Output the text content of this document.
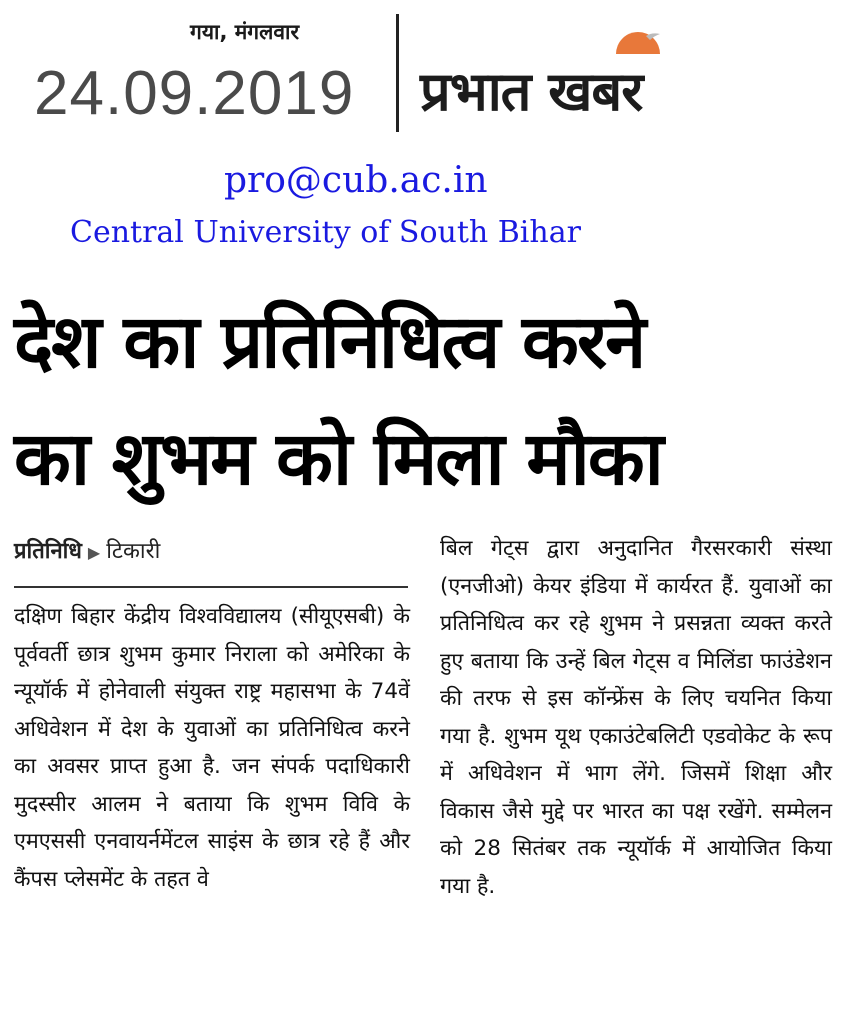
गया, मंगलवार
24.09.2019	प्रभात खबर
pro@cub.ac.in
Central University of South Bihar
देश का प्रतिनिधित्व करने
का शुभम को मिला मौका
प्रतिनिधि ▶ टिकारी
दक्षिण बिहार केंद्रीय विश्वविद्यालय (सीयूएसबी) के पूर्ववर्ती छात्र शुभम कुमार निराला को अमेरिका के न्यूयॉर्क में होनेवाली संयुक्त राष्ट्र महासभा के 74वें अधिवेशन में देश के युवाओं का प्रतिनिधित्व करने का अवसर प्राप्त हुआ है. जन संपर्क पदाधिकारी मुदस्सीर आलम ने बताया कि शुभम विवि के एमएससी एनवायर्नमेंटल साइंस के छात्र रहे हैं और कैंपस प्लेसमेंट के तहत वे
बिल गेट्स द्वारा अनुदानित गैरसरकारी संस्था (एनजीओ) केयर इंडिया में कार्यरत हैं. युवाओं का प्रतिनिधित्व कर रहे शुभम ने प्रसन्नता व्यक्त करते हुए बताया कि उन्हें बिल गेट्स व मिलिंडा फाउंडेशन की तरफ से इस कॉन्फ्रेंस के लिए चयनित किया गया है. शुभम यूथ एकाउंटेबलिटी एडवोकेट के रूप में अधिवेशन में भाग लेंगे. जिसमें शिक्षा और विकास जैसे मुद्दे पर भारत का पक्ष रखेंगे. सम्मेलन को 28 सितंबर तक न्यूयॉर्क में आयोजित किया गया है.
